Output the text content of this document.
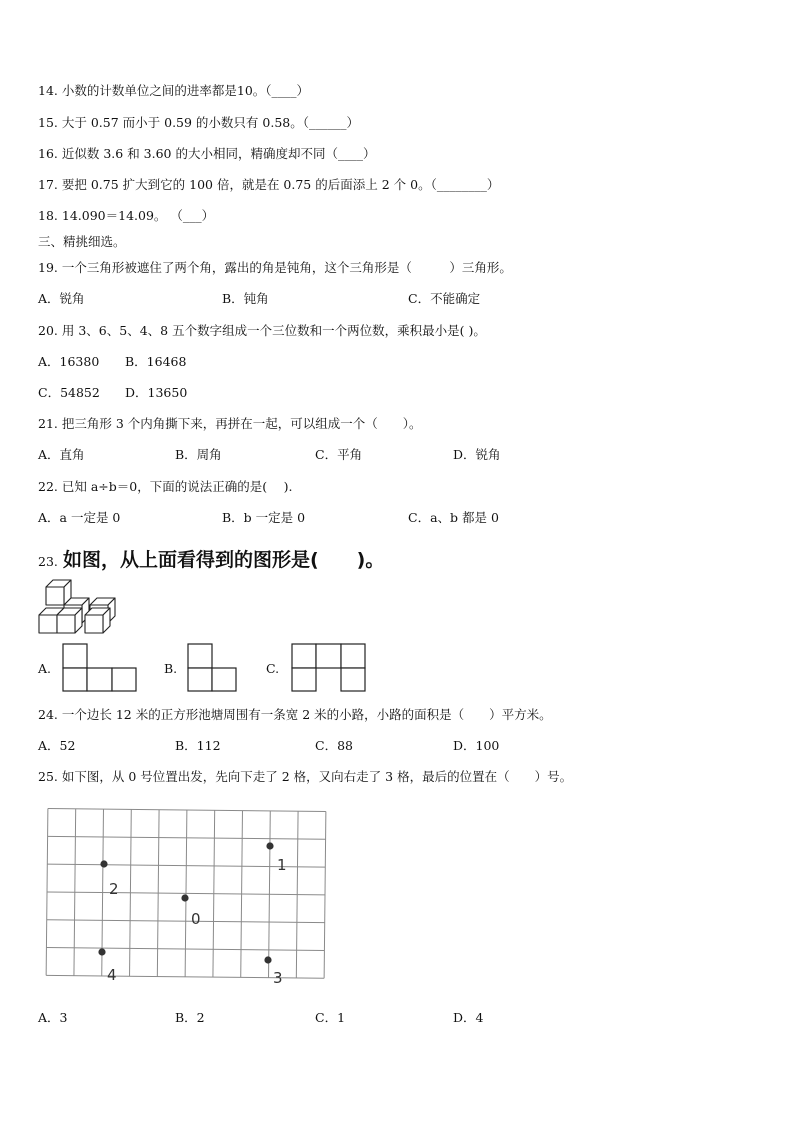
14. 小数的计数单位之间的进率都是10。（____）
15. 大于 0.57 而小于 0.59 的小数只有 0.58。（______）
16. 近似数 3.6 和 3.60 的大小相同，精确度却不同（____）
17. 要把 0.75 扩大到它的 100 倍，就是在 0.75 的后面添上 2 个 0。（________）
18. 14.090＝14.09。 （___）
三、精挑细选。
19. 一个三角形被遮住了两个角，露出的角是钝角，这个三角形是（　　　）三角形。
A．锐角	B．钝角	C．不能确定
20. 用 3、6、5、4、8 五个数字组成一个三位数和一个两位数，乘积最小是( )。
A．16380 B．16468
C．54852 D．13650
21. 把三角形 3 个内角撕下来，再拼在一起，可以组成一个（　　）。
A．直角	B．周角	C．平角	D．锐角
22. 已知 a÷b＝0，下面的说法正确的是(　 ).
A．a 一定是 0	B．b 一定是 0	C．a、b 都是 0
23. 如图，从上面看得到的图形是(　　)。
A.	B.	C.
24. 一个边长 12 米的正方形池塘周围有一条宽 2 米的小路，小路的面积是（　　）平方米。
A．52	B．112	C．88	D．100
25. 如下图，从 0 号位置出发，先向下走了 2 格，又向右走了 3 格，最后的位置在（　　）号。
1
2
0
4	3
A．3	B．2	C．1	D．4
